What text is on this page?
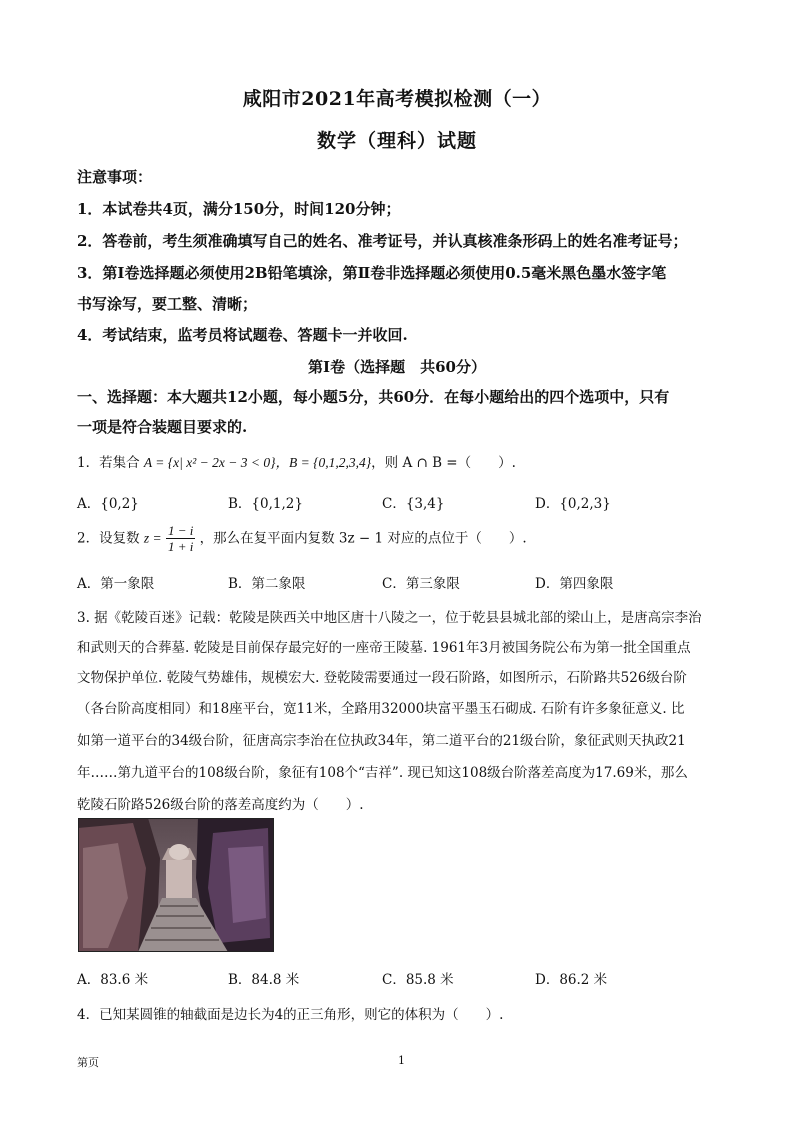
咸阳市2021年高考模拟检测（一）
数学（理科）试题
注意事项：
1．本试卷共4页，满分150分，时间120分钟；
2．答卷前，考生须准确填写自己的姓名、准考证号，并认真核准条形码上的姓名准考证号；
3．第Ⅰ卷选择题必须使用2B铅笔填涂，第Ⅱ卷非选择题必须使用0.5毫米黑色墨水签字笔
书写涂写，要工整、清晰；
4．考试结束，监考员将试题卷、答题卡一并收回.
第Ⅰ卷（选择题　共60分）
一、选择题：本大题共12小题，每小题5分，共60分．在每小题给出的四个选项中，只有
一项是符合装题目要求的.
1．若集合 A = {x| x² − 2x − 3 < 0}，B = {0,1,2,3,4}，则 A ∩ B =（　　）.
A．{0,2}	B．{0,1,2}	C．{3,4}	D．{0,2,3}
2．设复数 $z = \frac{1 - i}{1 + i}$ ，那么在复平面内复数 3z − 1 对应的点位于（　　）.
A．第一象限	B．第二象限	C．第三象限	D．第四象限
3. 据《乾陵百迷》记载：乾陵是陕西关中地区唐十八陵之一，位于乾县县城北部的梁山上，是唐高宗李治
和武则天的合葬墓. 乾陵是目前保存最完好的一座帝王陵墓. 1961年3月被国务院公布为第一批全国重点
文物保护单位. 乾陵气势雄伟，规模宏大. 登乾陵需要通过一段石阶路，如图所示，石阶路共526级台阶
（各台阶高度相同）和18座平台，宽11米，全路用32000块富平墨玉石砌成. 石阶有许多象征意义. 比
如第一道平台的34级台阶，征唐高宗李治在位执政34年，第二道平台的21级台阶，象征武则天执政21
年……第九道平台的108级台阶，象征有108个“吉祥”. 现已知这108级台阶落差高度为17.69米，那么
乾陵石阶路526级台阶的落差高度约为（　　）.
A．83.6 米	B．84.8 米	C．85.8 米	D．86.2 米
4．已知某圆锥的轴截面是边长为4的正三角形，则它的体积为（　　）.
第页	1
